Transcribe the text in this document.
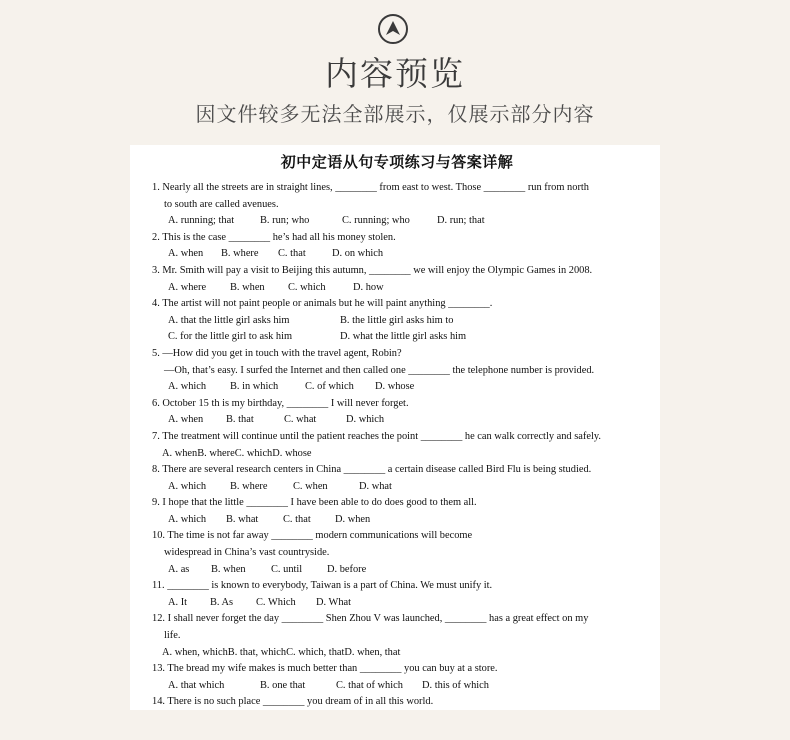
内容预览
因文件较多无法全部展示，仅展示部分内容
初中定语从句专项练习与答案详解
1. Nearly all the streets are in straight lines, ________ from east to west. Those ________ run from north
to south are called avenues.
A. running; that B. run; who	C. running; who	D. run; that
2. This is the case ________ he’s had all his money stolen.
A. when B. where C. that	D. on which
3. Mr. Smith will pay a visit to Beijing this autumn, ________ we will enjoy the Olympic Games in 2008.
A. where B. when C. which	D. how
4. The artist will not paint people or animals but he will paint anything ________.
A. that the little girl asks him	B. the little girl asks him to
C. for the little girl to ask him	D. what the little girl asks him
5. —How did you get in touch with the travel agent, Robin?
—Oh, that’s easy. I surfed the Internet and then called one ________ the telephone number is provided.
A. which B. in which	C. of which D. whose
6. October 15 th is my birthday, ________ I will never forget.
A. when B. that	C. what	D. which
7. The treatment will continue until the patient reaches the point ________ he can walk correctly and safely.
A. whenB. whereC. whichD. whose
8. There are several research centers in China ________ a certain disease called Bird Flu is being studied.
A. which B. where C. when	D. what
9. I hope that the little ________ I have been able to do does good to them all.
A. which B. what C. that D. when
10. The time is not far away ________ modern communications will become
widespread in China’s vast countryside.
A. as B. when C. until D. before
11. ________ is known to everybody, Taiwan is a part of China. We must unify it.
A. It B. As C. Which D. What
12. I shall never forget the day ________ Shen Zhou V was launched, ________ has a great effect on my
life.
A. when, whichB. that, whichC. which, thatD. when, that
13. The bread my wife makes is much better than ________ you can buy at a store.
A. that which	B. one that	C. that of which D. this of which
14. There is no such place ________ you dream of in all this world.
